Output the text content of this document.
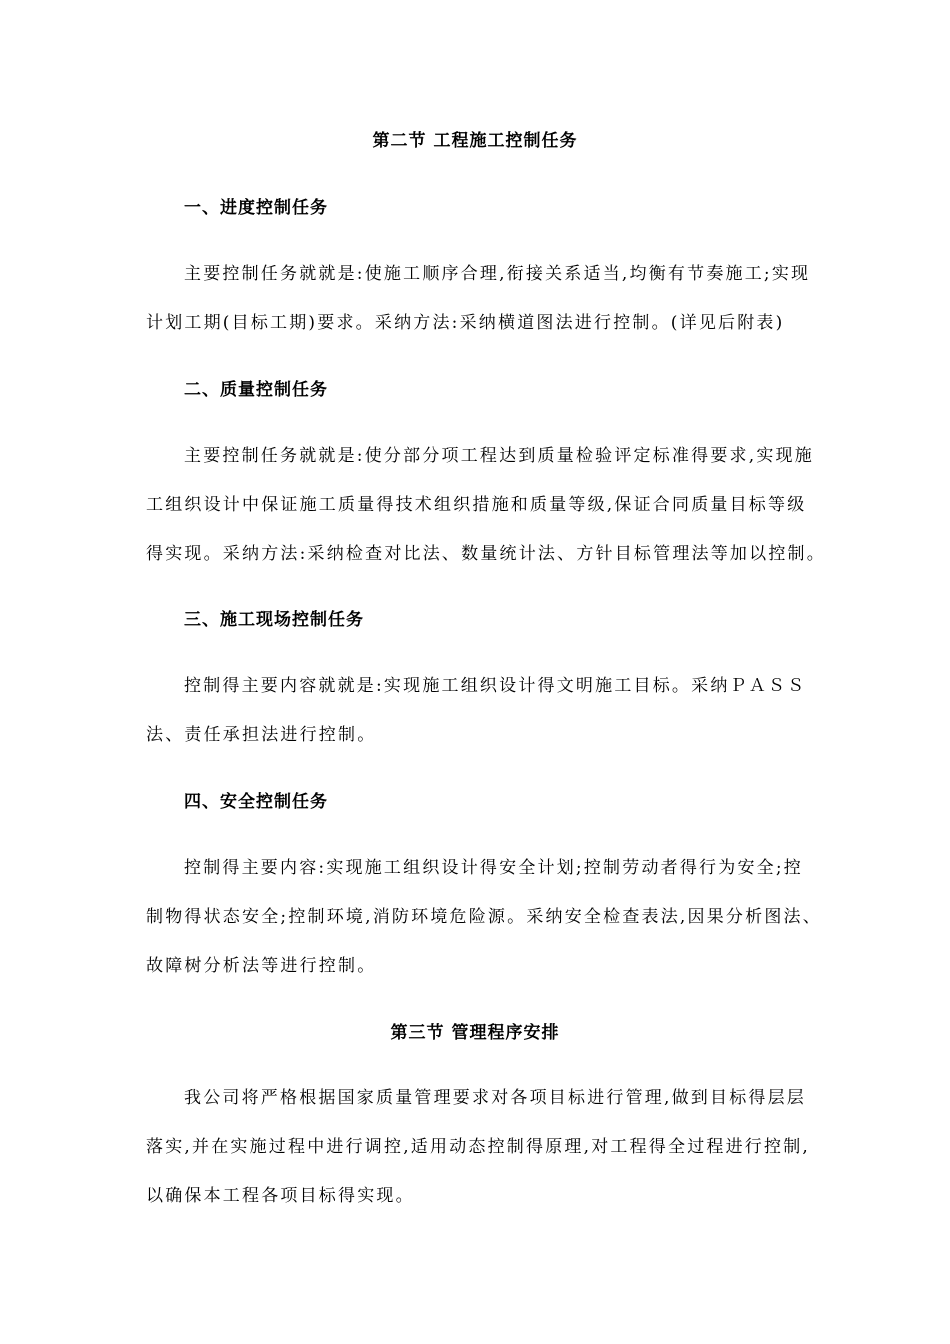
第二节 工程施工控制任务
一、进度控制任务
主要控制任务就就是:使施工顺序合理,衔接关系适当,均衡有节奏施工;实现
计划工期(目标工期)要求。采纳方法:采纳横道图法进行控制。(详见后附表)
二、质量控制任务
主要控制任务就就是:使分部分项工程达到质量检验评定标准得要求,实现施
工组织设计中保证施工质量得技术组织措施和质量等级,保证合同质量目标等级
得实现。采纳方法:采纳检查对比法、数量统计法、方针目标管理法等加以控制。
三、施工现场控制任务
控制得主要内容就就是:实现施工组织设计得文明施工目标。采纳ＰＡＳＳ
法、责任承担法进行控制。
四、安全控制任务
控制得主要内容:实现施工组织设计得安全计划;控制劳动者得行为安全;控
制物得状态安全;控制环境,消防环境危险源。采纳安全检查表法,因果分析图法、
故障树分析法等进行控制。
第三节 管理程序安排
我公司将严格根据国家质量管理要求对各项目标进行管理,做到目标得层层
落实,并在实施过程中进行调控,适用动态控制得原理,对工程得全过程进行控制,
以确保本工程各项目标得实现。
